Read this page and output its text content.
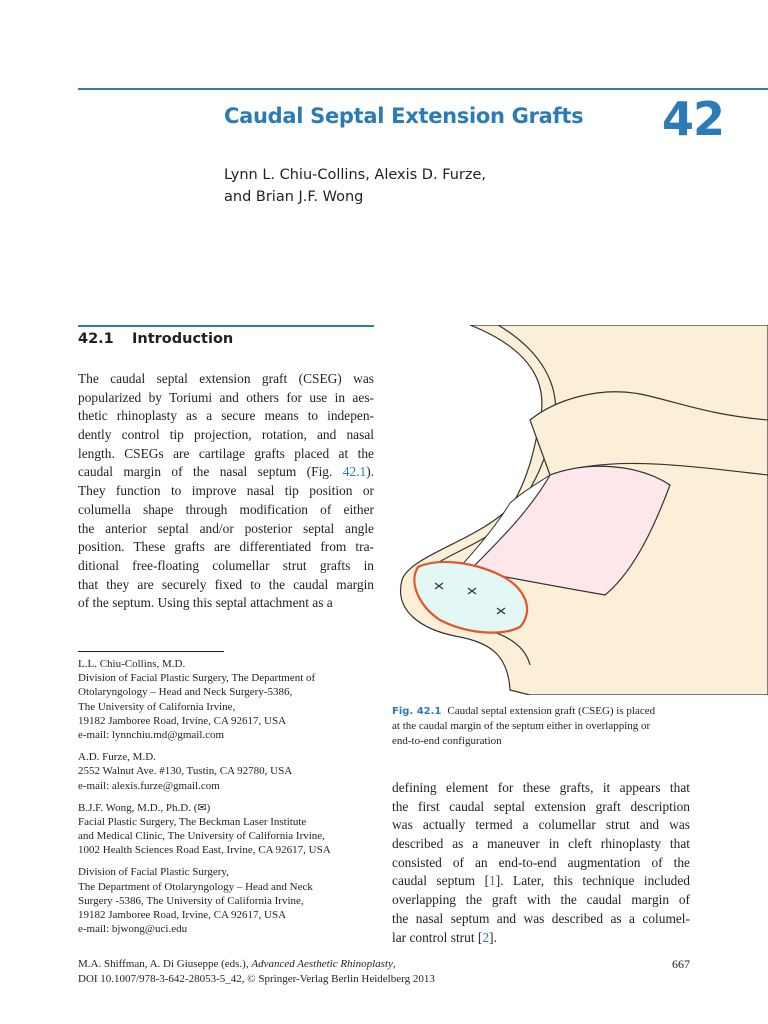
Caudal Septal Extension Grafts 42
Lynn L. Chiu-Collins, Alexis D. Furze,
and Brian J.F. Wong
42.1 Introduction
The caudal septal extension graft (CSEG) was
popularized by Toriumi and others for use in aes-
thetic rhinoplasty as a secure means to indepen-
dently control tip projection, rotation, and nasal
length. CSEGs are cartilage grafts placed at the
caudal margin of the nasal septum (Fig. 42.1).
They function to improve nasal tip position or
columella shape through modification of either
the anterior septal and/or posterior septal angle
position. These grafts are differentiated from tra-
ditional free-floating columellar strut grafts in
that they are securely fixed to the caudal margin
of the septum. Using this septal attachment as a
L.L. Chiu-Collins, M.D.
Division of Facial Plastic Surgery, The Department of
Otolaryngology – Head and Neck Surgery-5386,
The University of California Irvine,
19182 Jamboree Road, Irvine, CA 92617, USA
e-mail: lynnchiu.md@gmail.com
A.D. Furze, M.D.
2552 Walnut Ave. #130, Tustin, CA 92780, USA
e-mail: alexis.furze@gmail.com
B.J.F. Wong, M.D., Ph.D. (✉)
Facial Plastic Surgery, The Beckman Laser Institute
and Medical Clinic, The University of California Irvine,
1002 Health Sciences Road East, Irvine, CA 92617, USA
Division of Facial Plastic Surgery,
The Department of Otolaryngology – Head and Neck
Surgery -5386, The University of California Irvine,
19182 Jamboree Road, Irvine, CA 92617, USA
e-mail: bjwong@uci.edu
Fig. 42.1 Caudal septal extension graft (CSEG) is placed
at the caudal margin of the septum either in overlapping or
end-to-end configuration
defining element for these grafts, it appears that
the first caudal septal extension graft description
was actually termed a columellar strut and was
described as a maneuver in cleft rhinoplasty that
consisted of an end-to-end augmentation of the
caudal septum [1]. Later, this technique included
overlapping the graft with the caudal margin of
the nasal septum and was described as a columel-
lar control strut [2].
M.A. Shiffman, A. Di Giuseppe (eds.), Advanced Aesthetic Rhinoplasty,
DOI 10.1007/978-3-642-28053-5_42, © Springer-Verlag Berlin Heidelberg 2013
667
